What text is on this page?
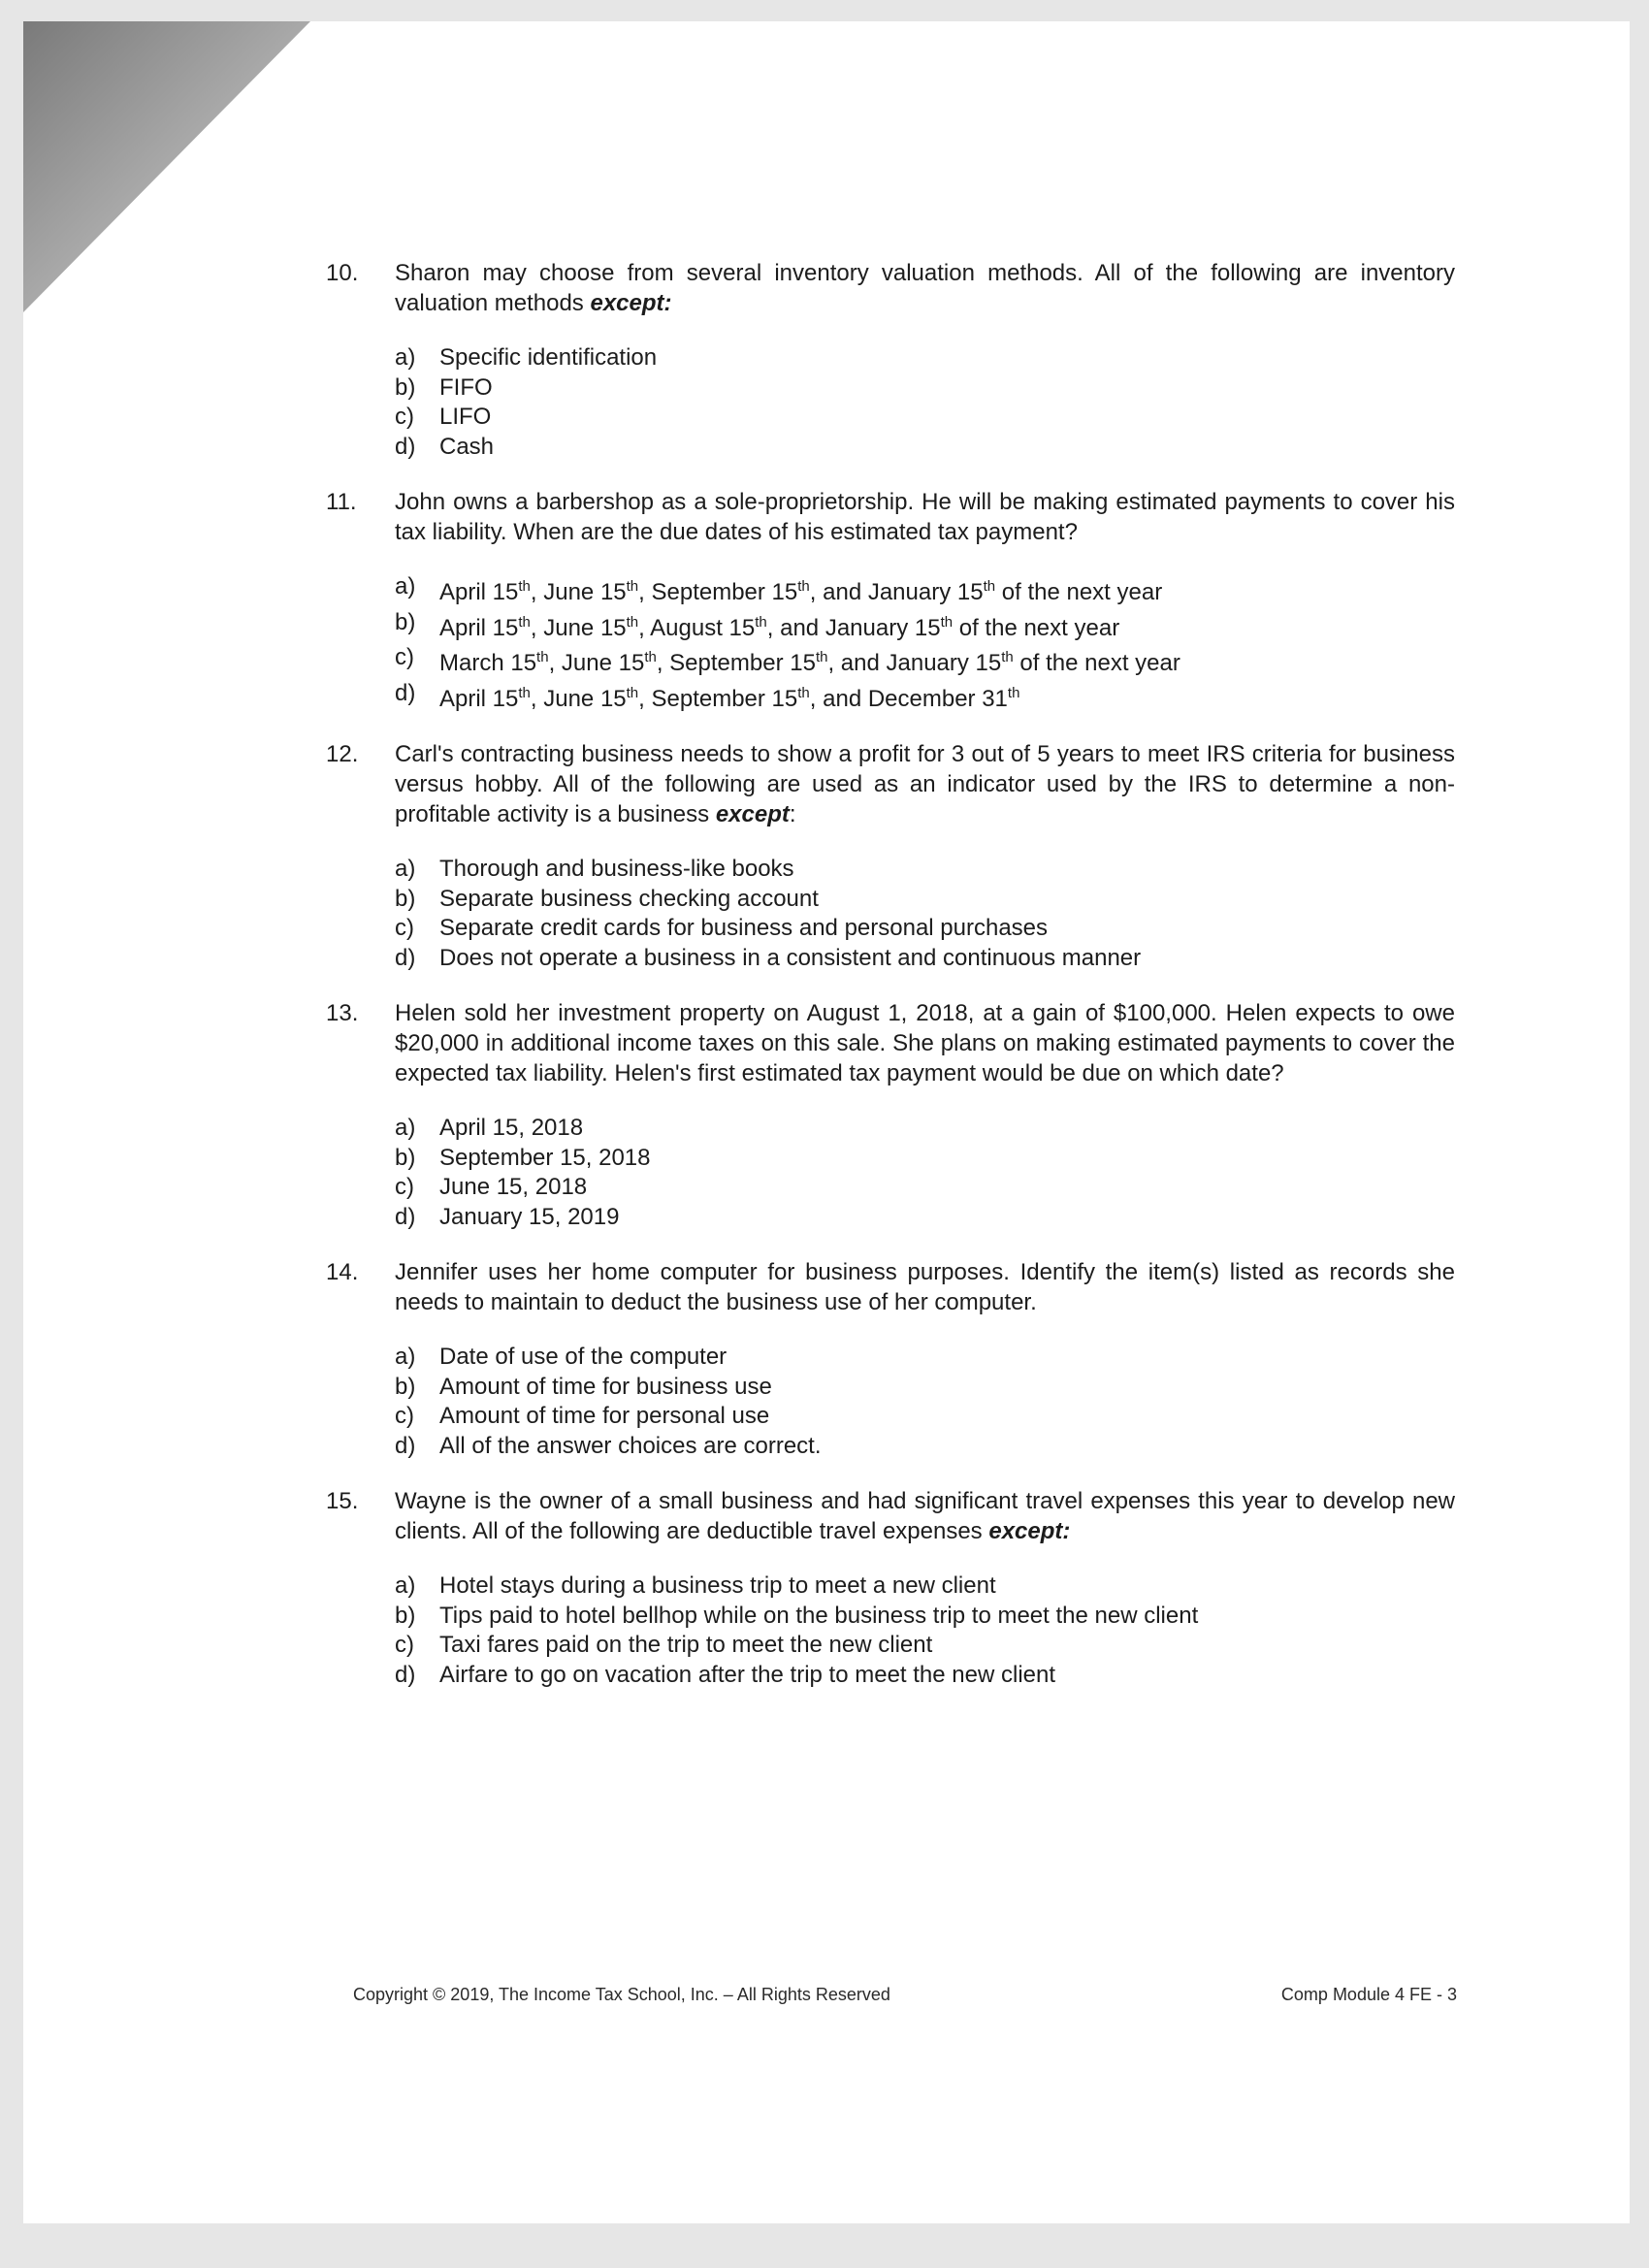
10.	Sharon may choose from several inventory valuation methods. All of the following are inventory valuation methods except:
a)	Specific identification
b)	FIFO
c)	LIFO
d)	Cash
11.	John owns a barbershop as a sole-proprietorship. He will be making estimated payments to cover his tax liability. When are the due dates of his estimated tax payment?
a)	April 15th, June 15th, September 15th, and January 15th of the next year
b)	April 15th, June 15th, August 15th, and January 15th of the next year
c)	March 15th, June 15th, September 15th, and January 15th of the next year
d)	April 15th, June 15th, September 15th, and December 31th
12.	Carl's contracting business needs to show a profit for 3 out of 5 years to meet IRS criteria for business versus hobby. All of the following are used as an indicator used by the IRS to determine a non-profitable activity is a business except:
a)	Thorough and business-like books
b)	Separate business checking account
c)	Separate credit cards for business and personal purchases
d)	Does not operate a business in a consistent and continuous manner
13.	Helen sold her investment property on August 1, 2018, at a gain of $100,000. Helen expects to owe $20,000 in additional income taxes on this sale. She plans on making estimated payments to cover the expected tax liability. Helen's first estimated tax payment would be due on which date?
a)	April 15, 2018
b)	September 15, 2018
c)	June 15, 2018
d)	January 15, 2019
14.	Jennifer uses her home computer for business purposes. Identify the item(s) listed as records she needs to maintain to deduct the business use of her computer.
a)	Date of use of the computer
b)	Amount of time for business use
c)	Amount of time for personal use
d)	All of the answer choices are correct.
15.	Wayne is the owner of a small business and had significant travel expenses this year to develop new clients. All of the following are deductible travel expenses except:
a)	Hotel stays during a business trip to meet a new client
b)	Tips paid to hotel bellhop while on the business trip to meet the new client
c)	Taxi fares paid on the trip to meet the new client
d)	Airfare to go on vacation after the trip to meet the new client
Copyright © 2019, The Income Tax School, Inc. – All Rights Reserved	Comp Module 4 FE - 3
